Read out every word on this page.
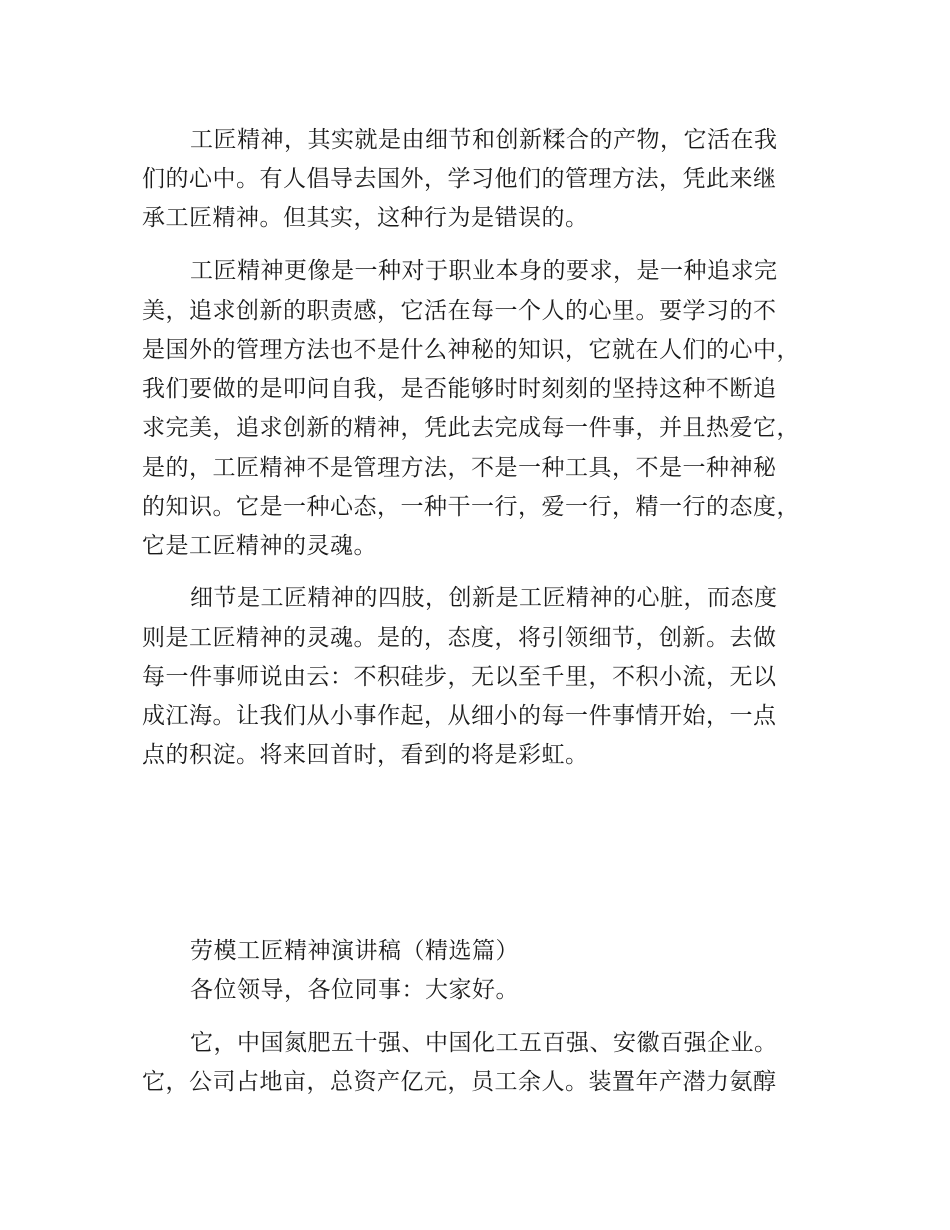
工匠精神，其实就是由细节和创新糅合的产物，它活在我
们的心中。有人倡导去国外，学习他们的管理方法，凭此来继
承工匠精神。但其实，这种行为是错误的。
工匠精神更像是一种对于职业本身的要求，是一种追求完
美，追求创新的职责感，它活在每一个人的心里。要学习的不
是国外的管理方法也不是什么神秘的知识，它就在人们的心中，
我们要做的是叩问自我，是否能够时时刻刻的坚持这种不断追
求完美，追求创新的精神，凭此去完成每一件事，并且热爱它，
是的，工匠精神不是管理方法，不是一种工具，不是一种神秘
的知识。它是一种心态，一种干一行，爱一行，精一行的态度，
它是工匠精神的灵魂。
细节是工匠精神的四肢，创新是工匠精神的心脏，而态度
则是工匠精神的灵魂。是的，态度，将引领细节，创新。去做
每一件事师说由云：不积硅步，无以至千里，不积小流，无以
成江海。让我们从小事作起，从细小的每一件事情开始，一点
点的积淀。将来回首时，看到的将是彩虹。
劳模工匠精神演讲稿（精选篇）
各位领导，各位同事：大家好。
它，中国氮肥五十强、中国化工五百强、安徽百强企业。
它，公司占地亩，总资产亿元，员工余人。装置年产潜力氨醇
